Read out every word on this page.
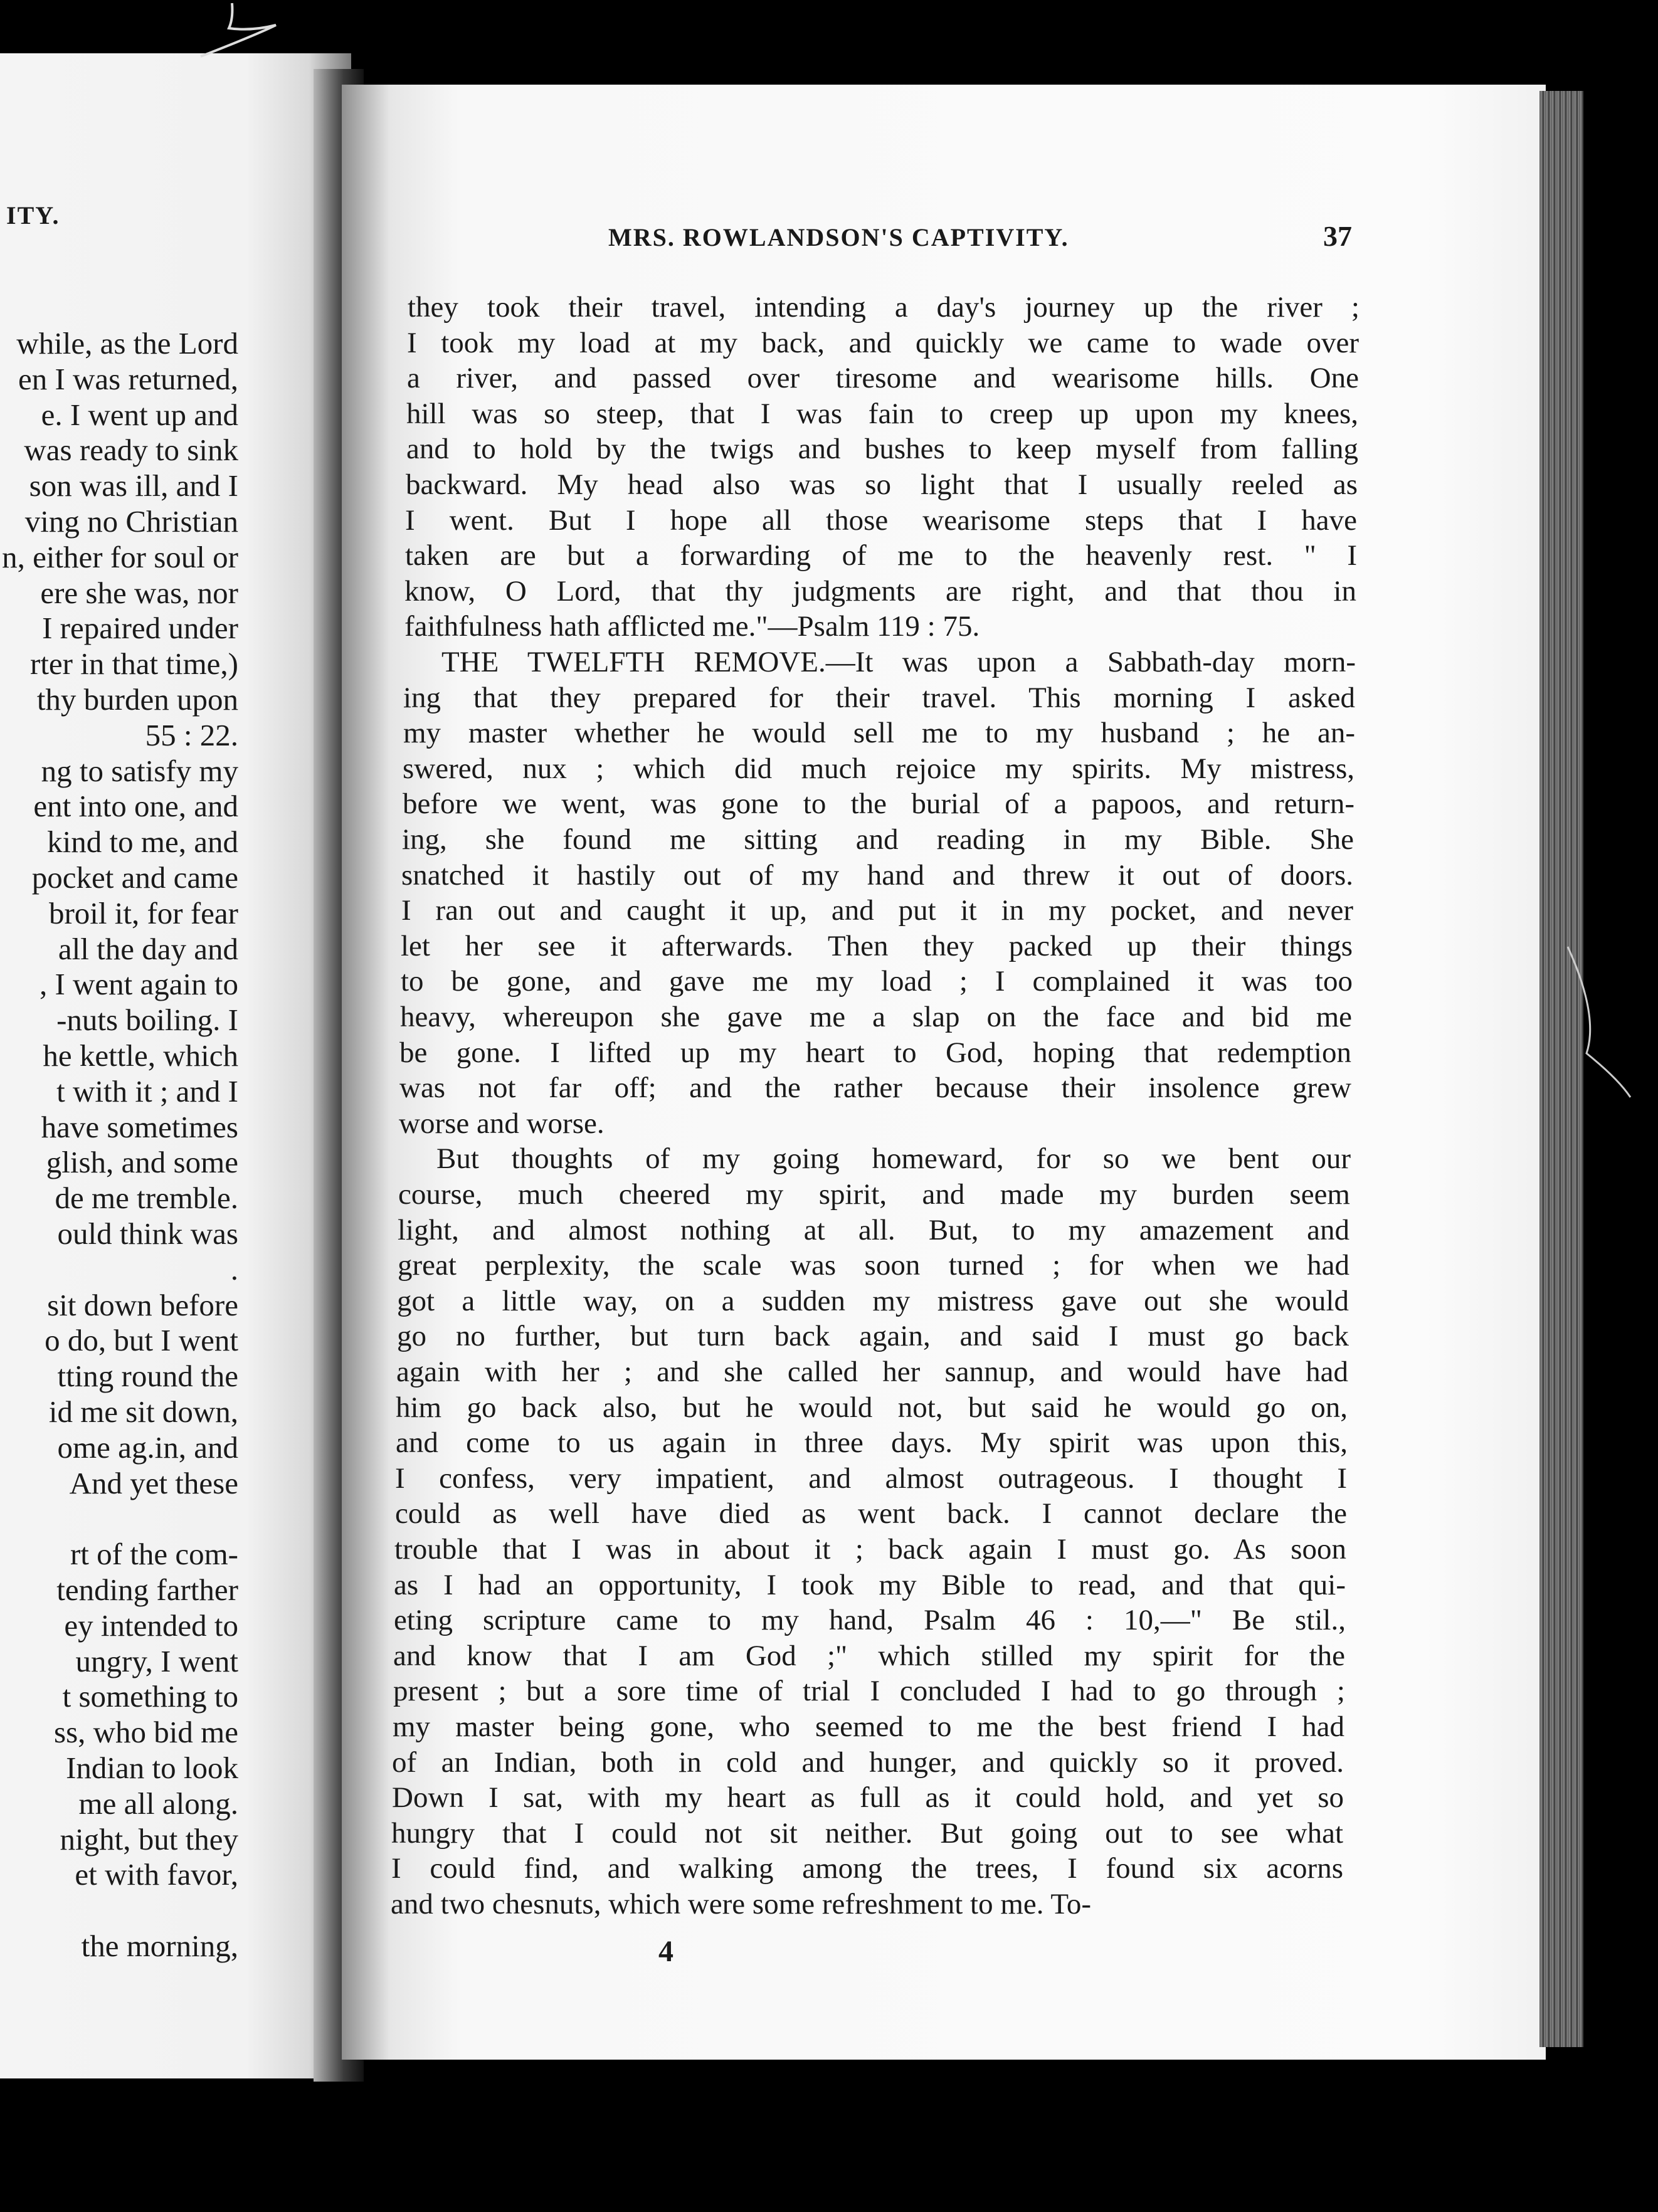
ITY.
while, as the Lord
en I was returned,
e. I went up and
was ready to sink
son was ill, and I
ving no Christian
n, either for soul or
ere she was, nor
I repaired under
rter in that time,)
thy burden upon
55 : 22.
ng to satisfy my
ent into one, and
kind to me, and
pocket and came
broil it, for fear
all the day and
, I went again to
-nuts boiling. I
he kettle, which
t with it ; and I
have sometimes
glish, and some
de me tremble.
ould think was
.
sit down before
o do, but I went
tting round the
id me sit down,
ome ag.in, and
And yet these
rt of the com-
tending farther
ey intended to
ungry, I went
t something to
ss, who bid me
Indian to look
me all along.
night, but they
et with favor,
the morning,
MRS. ROWLANDSON'S CAPTIVITY.	37
they took their travel, intending a day's journey up the river ;
I took my load at my back, and quickly we came to wade over
a river, and passed over tiresome and wearisome hills. One
hill was so steep, that I was fain to creep up upon my knees,
and to hold by the twigs and bushes to keep myself from falling
backward. My head also was so light that I usually reeled as
I went. But I hope all those wearisome steps that I have
taken are but a forwarding of me to the heavenly rest. " I
know, O Lord, that thy judgments are right, and that thou in
faithfulness hath afflicted me."—Psalm 119 : 75.
THE TWELFTH REMOVE.—It was upon a Sabbath-day morn-
ing that they prepared for their travel. This morning I asked
my master whether he would sell me to my husband ; he an-
swered, nux ; which did much rejoice my spirits. My mistress,
before we went, was gone to the burial of a papoos, and return-
ing, she found me sitting and reading in my Bible. She
snatched it hastily out of my hand and threw it out of doors.
I ran out and caught it up, and put it in my pocket, and never
let her see it afterwards. Then they packed up their things
to be gone, and gave me my load ; I complained it was too
heavy, whereupon she gave me a slap on the face and bid me
be gone. I lifted up my heart to God, hoping that redemption
was not far off; and the rather because their insolence grew
worse and worse.
But thoughts of my going homeward, for so we bent our
course, much cheered my spirit, and made my burden seem
light, and almost nothing at all. But, to my amazement and
great perplexity, the scale was soon turned ; for when we had
got a little way, on a sudden my mistress gave out she would
go no further, but turn back again, and said I must go back
again with her ; and she called her sannup, and would have had
him go back also, but he would not, but said he would go on,
and come to us again in three days. My spirit was upon this,
I confess, very impatient, and almost outrageous. I thought I
could as well have died as went back. I cannot declare the
trouble that I was in about it ; back again I must go. As soon
as I had an opportunity, I took my Bible to read, and that qui-
eting scripture came to my hand, Psalm 46 : 10,—" Be stil.,
and know that I am God ;" which stilled my spirit for the
present ; but a sore time of trial I concluded I had to go through ;
my master being gone, who seemed to me the best friend I had
of an Indian, both in cold and hunger, and quickly so it proved.
Down I sat, with my heart as full as it could hold, and yet so
hungry that I could not sit neither. But going out to see what
I could find, and walking among the trees, I found six acorns
and two chesnuts, which were some refreshment to me. To-
4
